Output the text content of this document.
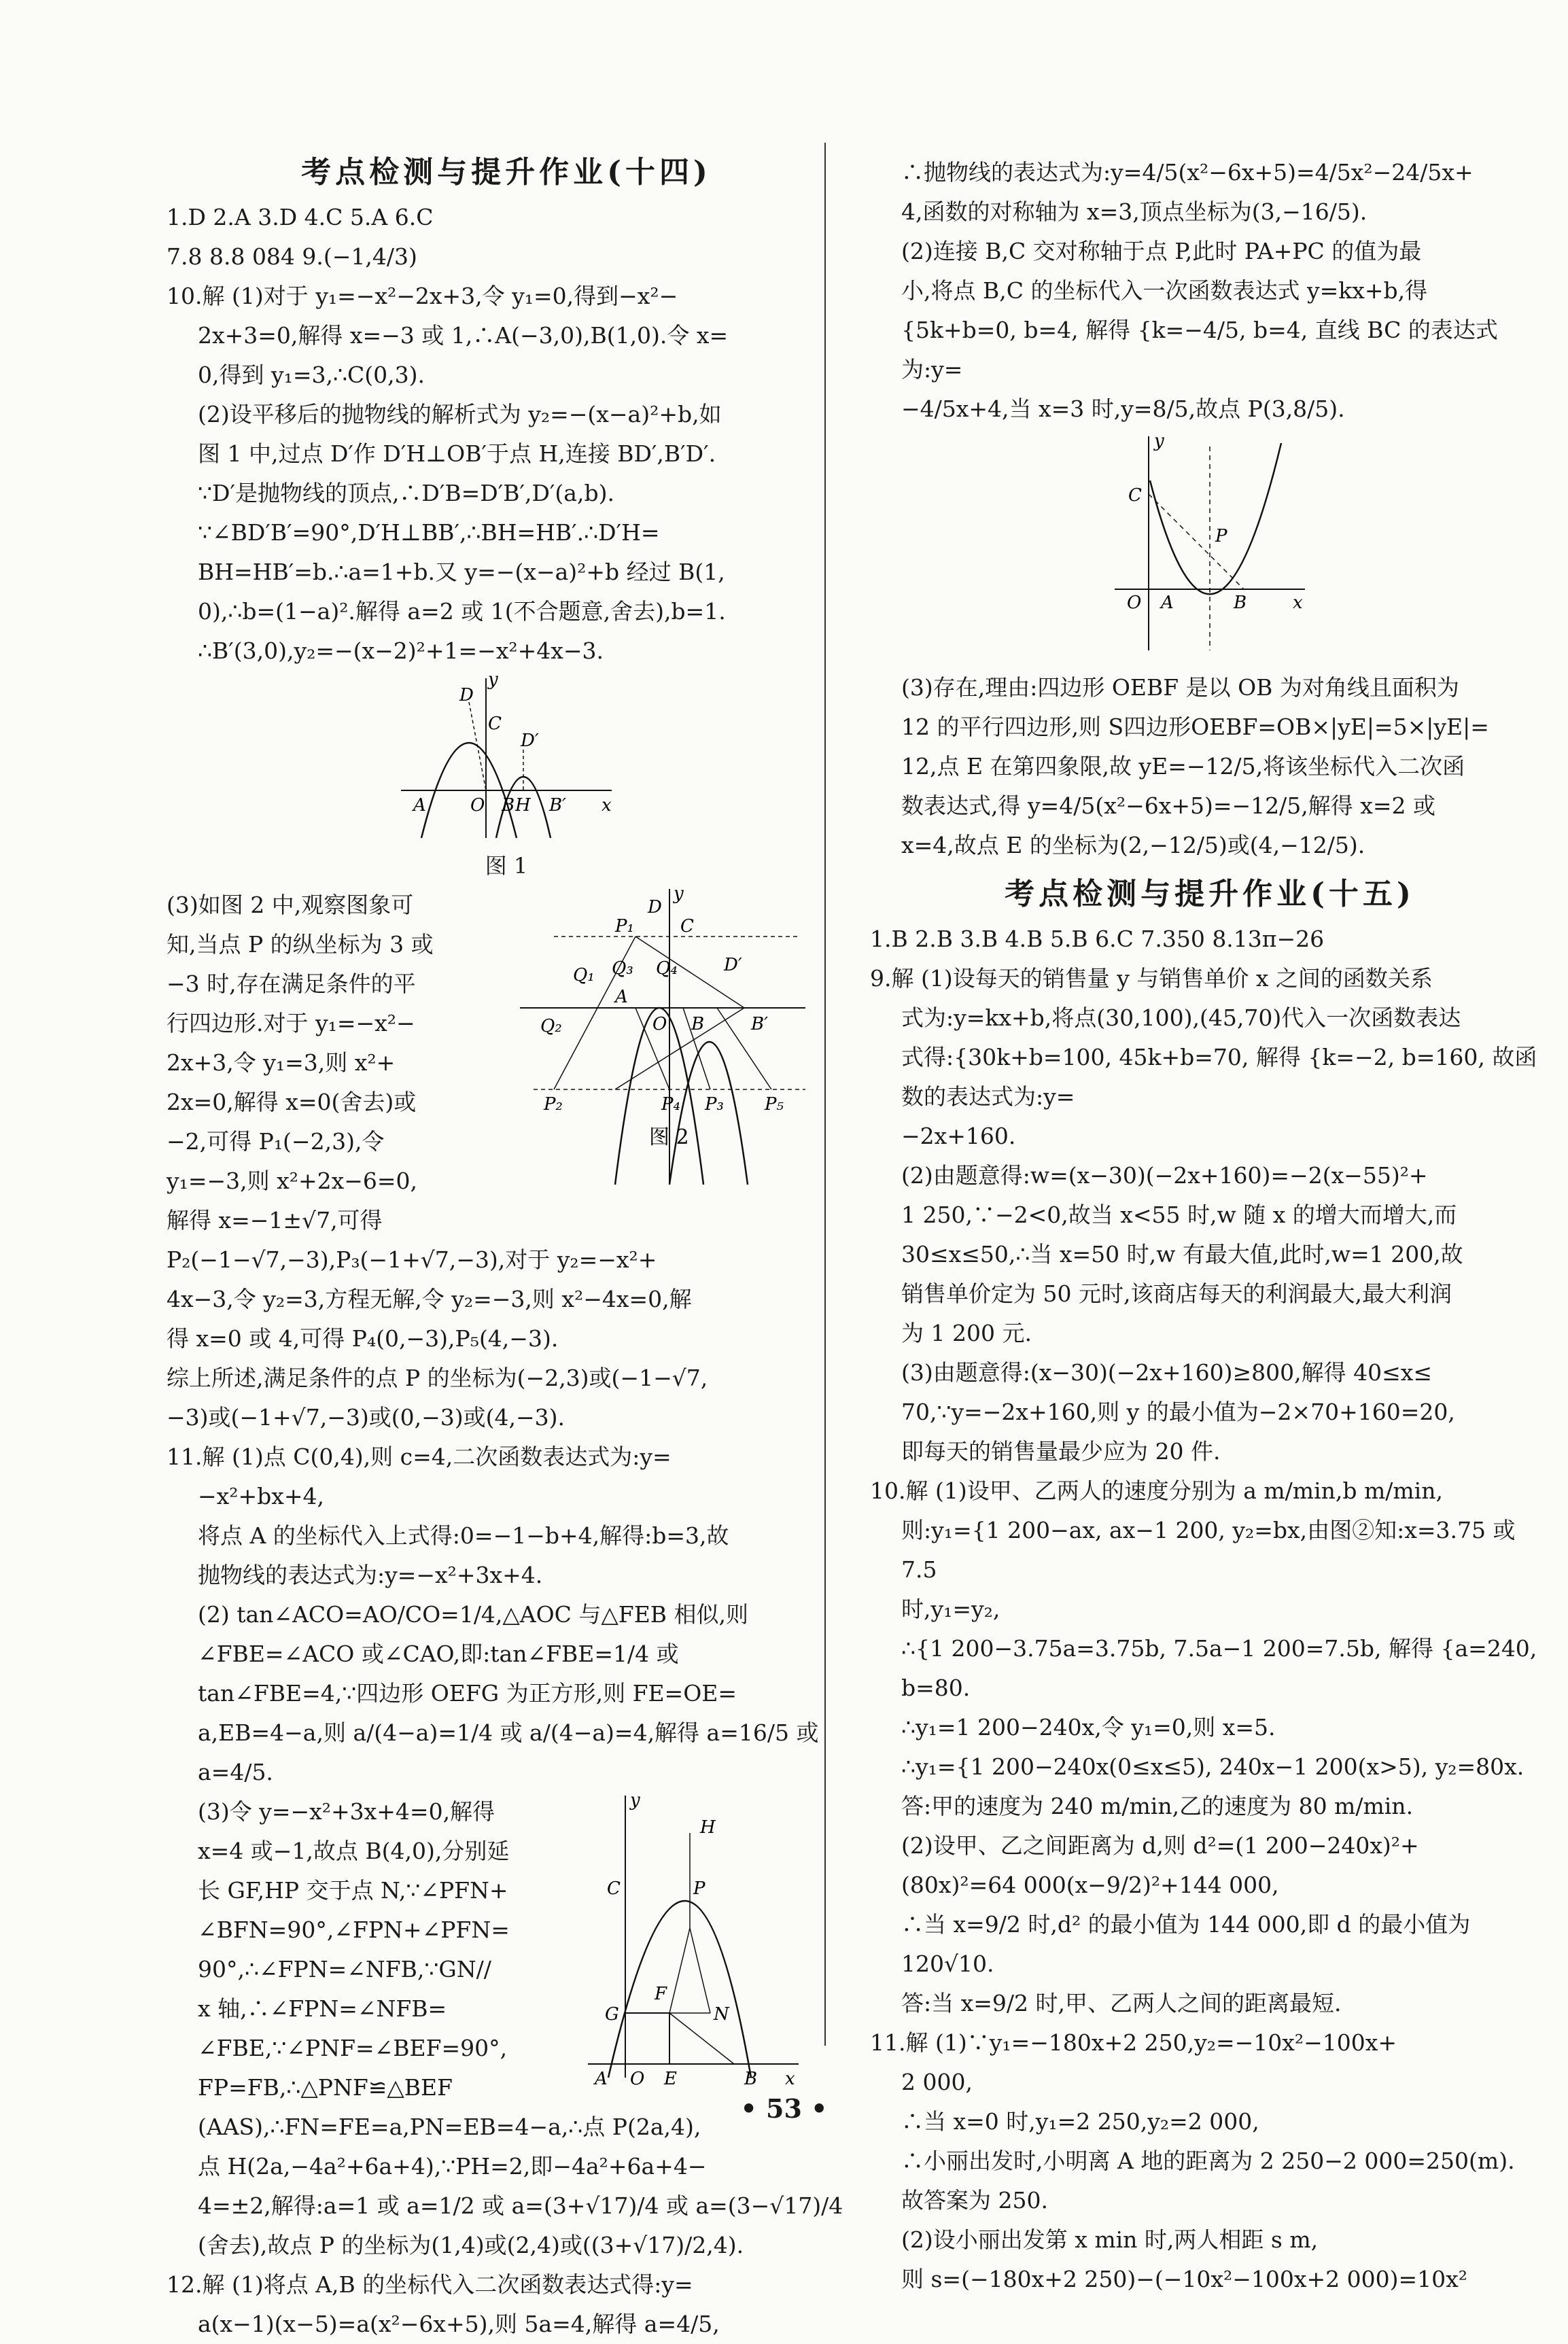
考点检测与提升作业(十四)
1.D 2.A 3.D 4.C 5.A 6.C
7.8 8.8 084 9.(−1,4/3)
10.解 (1)对于 y₁=−x²−2x+3,令 y₁=0,得到−x²−
2x+3=0,解得 x=−3 或 1,∴A(−3,0),B(1,0).令 x=
0,得到 y₁=3,∴C(0,3).
(2)设平移后的抛物线的解析式为 y₂=−(x−a)²+b,如
图 1 中,过点 D′作 D′H⊥OB′于点 H,连接 BD′,B′D′.
∵D′是抛物线的顶点,∴D′B=D′B′,D′(a,b).
∵∠BD′B′=90°,D′H⊥BB′,∴BH=HB′.∴D′H=
BH=HB′=b.∴a=1+b.又 y=−(x−a)²+b 经过 B(1,
0),∴b=(1−a)².解得 a=2 或 1(不合题意,舍去),b=1.
∴B′(3,0),y₂=−(x−2)²+1=−x²+4x−3.
y
D
C
D′
A	O B H B′ x
图 1
(3)如图 2 中,观察图象可
知,当点 P 的纵坐标为 3 或
−3 时,存在满足条件的平
行四边形.对于 y₁=−x²−
2x+3,令 y₁=3,则 x²+
2x=0,解得 x=0(舍去)或
−2,可得 P₁(−2,3),令
y₁=−3,则 x²+2x−6=0,
解得 x=−1±√7,可得
y
D
P₁	C
Q₁ Q₃ Q₄	D′
Q₂
A
O B	B′
P₂	P₄ P₃ P₅
图 2
P₂(−1−√7,−3),P₃(−1+√7,−3),对于 y₂=−x²+
4x−3,令 y₂=3,方程无解,令 y₂=−3,则 x²−4x=0,解
得 x=0 或 4,可得 P₄(0,−3),P₅(4,−3).
综上所述,满足条件的点 P 的坐标为(−2,3)或(−1−√7,
−3)或(−1+√7,−3)或(0,−3)或(4,−3).
11.解 (1)点 C(0,4),则 c=4,二次函数表达式为:y=
−x²+bx+4,
将点 A 的坐标代入上式得:0=−1−b+4,解得:b=3,故
抛物线的表达式为:y=−x²+3x+4.
(2) tan∠ACO=AO/CO=1/4,△AOC 与△FEB 相似,则
∠FBE=∠ACO 或∠CAO,即:tan∠FBE=1/4 或
tan∠FBE=4,∵四边形 OEFG 为正方形,则 FE=OE=
a,EB=4−a,则 a/(4−a)=1/4 或 a/(4−a)=4,解得 a=16/5 或 a=4/5.
(3)令 y=−x²+3x+4=0,解得
x=4 或−1,故点 B(4,0),分别延
长 GF,HP 交于点 N,∵∠PFN+
∠BFN=90°,∠FPN+∠PFN=
90°,∴∠FPN=∠NFB,∵GN//
x 轴,∴∠FPN=∠NFB=
∠FBE,∵∠PNF=∠BEF=90°,
FP=FB,∴△PNF≌△BEF
(AAS),∴FN=FE=a,PN=EB=4−a,∴点 P(2a,4),
y
H
C	P
F
G	N
A O E	B x
点 H(2a,−4a²+6a+4),∵PH=2,即−4a²+6a+4−
4=±2,解得:a=1 或 a=1/2 或 a=(3+√17)/4 或 a=(3−√17)/4
(舍去),故点 P 的坐标为(1,4)或(2,4)或((3+√17)/2,4).
12.解 (1)将点 A,B 的坐标代入二次函数表达式得:y=
a(x−1)(x−5)=a(x²−6x+5),则 5a=4,解得 a=4/5,
∴抛物线的表达式为:y=4/5(x²−6x+5)=4/5x²−24/5x+
4,函数的对称轴为 x=3,顶点坐标为(3,−16/5).
(2)连接 B,C 交对称轴于点 P,此时 PA+PC 的值为最
小,将点 B,C 的坐标代入一次函数表达式 y=kx+b,得
{5k+b=0, b=4, 解得 {k=−4/5, b=4, 直线 BC 的表达式为:y=
−4/5x+4,当 x=3 时,y=8/5,故点 P(3,8/5).
y
C
P
O A	B	x
(3)存在,理由:四边形 OEBF 是以 OB 为对角线且面积为
12 的平行四边形,则 S四边形OEBF=OB×|yE|=5×|yE|=
12,点 E 在第四象限,故 yE=−12/5,将该坐标代入二次函
数表达式,得 y=4/5(x²−6x+5)=−12/5,解得 x=2 或
x=4,故点 E 的坐标为(2,−12/5)或(4,−12/5).
考点检测与提升作业(十五)
1.B 2.B 3.B 4.B 5.B 6.C 7.350 8.13π−26
9.解 (1)设每天的销售量 y 与销售单价 x 之间的函数关系
式为:y=kx+b,将点(30,100),(45,70)代入一次函数表达
式得:{30k+b=100, 45k+b=70, 解得 {k=−2, b=160, 故函数的表达式为:y=
−2x+160.
(2)由题意得:w=(x−30)(−2x+160)=−2(x−55)²+
1 250,∵−2<0,故当 x<55 时,w 随 x 的增大而增大,而
30≤x≤50,∴当 x=50 时,w 有最大值,此时,w=1 200,故
销售单价定为 50 元时,该商店每天的利润最大,最大利润
为 1 200 元.
(3)由题意得:(x−30)(−2x+160)≥800,解得 40≤x≤
70,∵y=−2x+160,则 y 的最小值为−2×70+160=20,
即每天的销售量最少应为 20 件.
10.解 (1)设甲、乙两人的速度分别为 a m/min,b m/min,
则:y₁={1 200−ax, ax−1 200, y₂=bx,由图②知:x=3.75 或 7.5
时,y₁=y₂,
∴{1 200−3.75a=3.75b, 7.5a−1 200=7.5b, 解得 {a=240, b=80.
∴y₁=1 200−240x,令 y₁=0,则 x=5.
∴y₁={1 200−240x(0≤x≤5), 240x−1 200(x>5), y₂=80x.
答:甲的速度为 240 m/min,乙的速度为 80 m/min.
(2)设甲、乙之间距离为 d,则 d²=(1 200−240x)²+
(80x)²=64 000(x−9/2)²+144 000,
∴当 x=9/2 时,d² 的最小值为 144 000,即 d 的最小值为
120√10.
答:当 x=9/2 时,甲、乙两人之间的距离最短.
11.解 (1)∵y₁=−180x+2 250,y₂=−10x²−100x+
2 000,
∴当 x=0 时,y₁=2 250,y₂=2 000,
∴小丽出发时,小明离 A 地的距离为 2 250−2 000=250(m).
故答案为 250.
(2)设小丽出发第 x min 时,两人相距 s m,
则 s=(−180x+2 250)−(−10x²−100x+2 000)=10x²
• 53 •
